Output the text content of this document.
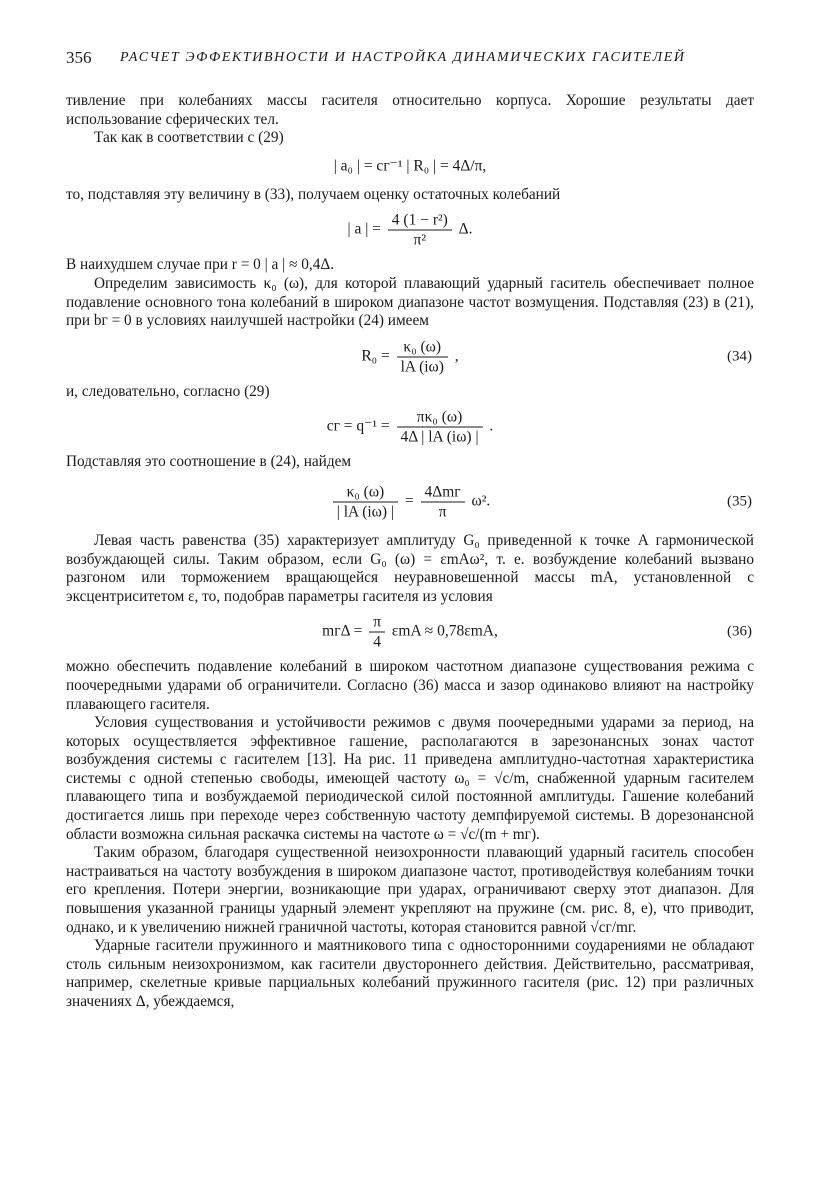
356 РАСЧЕТ ЭФФЕКТИВНОСТИ И НАСТРОЙКА ДИНАМИЧЕСКИХ ГАСИТЕЛЕЙ

тивление при колебаниях массы гасителя относительно корпуса. Хорошие результаты дает использование сферических тел.

Так как в соответствии с (29)

| a₀ | = cг⁻¹ | R₀ | = 4Δ/π,

то, подставляя эту величину в (33), получаем оценку остаточных колебаний

| a | = $\frac{\text{4 (1 − r²)}}{\text{π²}} \Delta$.

В наихудшем случае при r = 0 | a | ≈ 0,4Δ.

Определим зависимость κ₀ (ω), для которой плавающий ударный гаситель обеспечивает полное подавление основного тона колебаний в широком диапазоне частот возмущения. Подставляя (23) в (21), при bг = 0 в условиях наилучшей настройки (24) имеем

$R_0 = \frac{\text{κ₀ (ω)}}{lA (i\omega)}$ ,	(34)

и, следовательно, согласно (29)

cг = $q^{-1} = \frac{\text{πκ₀ (ω)}}{4\Delta | lA (i\omega) |}$ .

Подставляя это соотношение в (24), найдем

$\frac{\text{κ₀ (ω)}}{| lA (i\omega) |} = \frac{\text{4Δmг}}{\pi} \omega^2$.	(35)

Левая часть равенства (35) характеризует амплитуду G₀ приведенной к точке A гармонической возбуждающей силы. Таким образом, если G₀ (ω) = εmAω², т. е. возбуждение колебаний вызвано разгоном или торможением вращающейся неуравновешенной массы mA, установленной с эксцентриситетом ε, то, подобрав параметры гасителя из условия

$mг\Delta = \frac{\pi}{4}$ εmA ≈ 0,78εmA,	(36)

можно обеспечить подавление колебаний в широком частотном диапазоне существования режима с поочередными ударами об ограничители. Согласно (36) масса и зазор одинаково влияют на настройку плавающего гасителя.

Условия существования и устойчивости режимов с двумя поочередными ударами за период, на которых осуществляется эффективное гашение, располагаются в зарезонансных зонах частот возбуждения системы с гасителем [13]. На рис. 11 приведена амплитудно-частотная характеристика системы с одной степенью свободы, имеющей частоту ω₀ = √c/m, снабженной ударным гасителем плавающего типа и возбуждаемой периодической силой постоянной амплитуды. Гашение колебаний достигается лишь при переходе через собственную частоту демпфируемой системы. В дорезонансной области возможна сильная раскачка системы на частоте ω = √c/(m + mг).

Таким образом, благодаря существенной неизохронности плавающий ударный гаситель способен настраиваться на частоту возбуждения в широком диапазоне частот, противодействуя колебаниям точки его крепления. Потери энергии, возникающие при ударах, ограничивают сверху этот диапазон. Для повышения указанной границы ударный элемент укрепляют на пружине (см. рис. 8, е), что приводит, однако, и к увеличению нижней граничной частоты, которая становится равной √cг/mг.

Ударные гасители пружинного и маятникового типа с односторонними соударениями не обладают столь сильным неизохронизмом, как гасители двустороннего действия. Действительно, рассматривая, например, скелетные кривые парциальных колебаний пружинного гасителя (рис. 12) при различных значениях Δ, убеждаемся,
